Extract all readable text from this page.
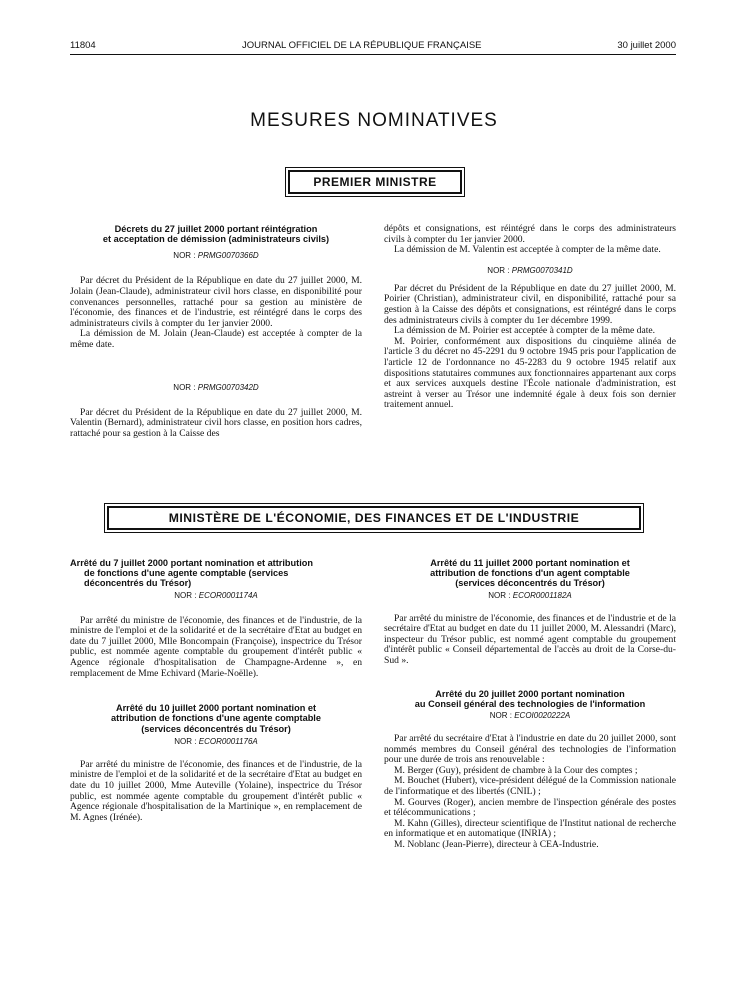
11804	JOURNAL OFFICIEL DE LA RÉPUBLIQUE FRANÇAISE	30 juillet 2000
MESURES NOMINATIVES
PREMIER MINISTRE
Décrets du 27 juillet 2000 portant réintégration
et acceptation de démission (administrateurs civils)
NOR : PRMG0070366D

Par décret du Président de la République en date du 27 juillet 2000, M. Jolain (Jean-Claude), administrateur civil hors classe, en disponibilité pour convenances personnelles, rattaché pour sa gestion au ministère de l'économie, des finances et de l'industrie, est réintégré dans le corps des administrateurs civils à compter du 1er janvier 2000.

La démission de M. Jolain (Jean-Claude) est acceptée à compter de la même date.

NOR : PRMG0070342D

Par décret du Président de la République en date du 27 juillet 2000, M. Valentin (Bernard), administrateur civil hors classe, en position hors cadres, rattaché pour sa gestion à la Caisse des

dépôts et consignations, est réintégré dans le corps des administrateurs civils à compter du 1er janvier 2000.

La démission de M. Valentin est acceptée à compter de la même date.

NOR : PRMG0070341D

Par décret du Président de la République en date du 27 juillet 2000, M. Poirier (Christian), administrateur civil, en disponibilité, rattaché pour sa gestion à la Caisse des dépôts et consignations, est réintégré dans le corps des administrateurs civils à compter du 1er décembre 1999.

La démission de M. Poirier est acceptée à compter de la même date.

M. Poirier, conformément aux dispositions du cinquième alinéa de l'article 3 du décret no 45-2291 du 9 octobre 1945 pris pour l'application de l'article 12 de l'ordonnance no 45-2283 du 9 octobre 1945 relatif aux dispositions statutaires communes aux fonctionnaires appartenant aux corps et aux services auxquels destine l'École nationale d'administration, est astreint à verser au Trésor une indemnité égale à deux fois son dernier traitement annuel.

MINISTÈRE DE L'ÉCONOMIE, DES FINANCES ET DE L'INDUSTRIE
Arrêté du 7 juillet 2000 portant nomination et attribution
de fonctions d'une agente comptable (services
déconcentrés du Trésor)
NOR : ECOR0001174A

Par arrêté du ministre de l'économie, des finances et de l'industrie, de la ministre de l'emploi et de la solidarité et de la secrétaire d'Etat au budget en date du 7 juillet 2000, Mlle Boncompain (Françoise), inspectrice du Trésor public, est nommée agente comptable du groupement d'intérêt public « Agence régionale d'hospitalisation de Champagne-Ardenne », en remplacement de Mme Echivard (Marie-Noëlle).

Arrêté du 10 juillet 2000 portant nomination et
attribution de fonctions d'une agente comptable
(services déconcentrés du Trésor)
NOR : ECOR0001176A

Par arrêté du ministre de l'économie, des finances et de l'industrie, de la ministre de l'emploi et de la solidarité et de la secrétaire d'Etat au budget en date du 10 juillet 2000, Mme Auteville (Yolaine), inspectrice du Trésor public, est nommée agente comptable du groupement d'intérêt public « Agence régionale d'hospitalisation de la Martinique », en remplacement de M. Agnes (Irénée).

Arrêté du 11 juillet 2000 portant nomination et
attribution de fonctions d'un agent comptable
(services déconcentrés du Trésor)
NOR : ECOR0001182A

Par arrêté du ministre de l'économie, des finances et de l'industrie et de la secrétaire d'Etat au budget en date du 11 juillet 2000, M. Alessandri (Marc), inspecteur du Trésor public, est nommé agent comptable du groupement d'intérêt public « Conseil départemental de l'accès au droit de la Corse-du-Sud ».

Arrêté du 20 juillet 2000 portant nomination
au Conseil général des technologies de l'information
NOR : ECOI0020222A

Par arrêté du secrétaire d'Etat à l'industrie en date du 20 juillet 2000, sont nommés membres du Conseil général des technologies de l'information pour une durée de trois ans renouvelable :

M. Berger (Guy), président de chambre à la Cour des comptes ;

M. Bouchet (Hubert), vice-président délégué de la Commission nationale de l'informatique et des libertés (CNIL) ;

M. Gourves (Roger), ancien membre de l'inspection générale des postes et télécommunications ;

M. Kahn (Gilles), directeur scientifique de l'Institut national de recherche en informatique et en automatique (INRIA) ;

M. Noblanc (Jean-Pierre), directeur à CEA-Industrie.
